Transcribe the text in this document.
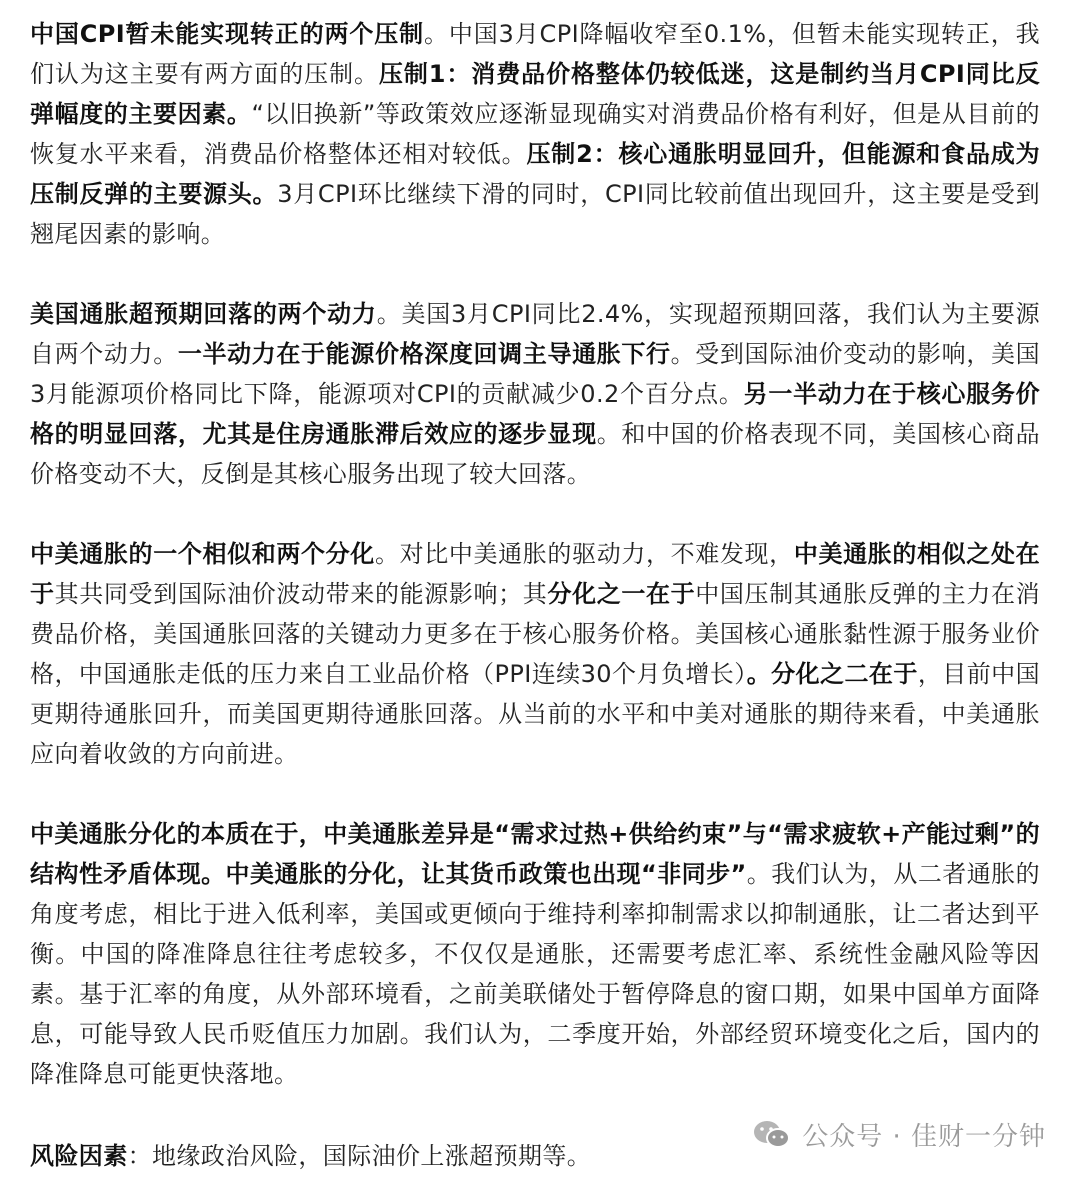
中国CPI暂未能实现转正的两个压制。中国3月CPI降幅收窄至0.1%，但暂未能实现转正，我们认为这主要有两方面的压制。压制1：消费品价格整体仍较低迷，这是制约当月CPI同比反弹幅度的主要因素。“以旧换新”等政策效应逐渐显现确实对消费品价格有利好，但是从目前的恢复水平来看，消费品价格整体还相对较低。压制2：核心通胀明显回升，但能源和食品成为压制反弹的主要源头。3月CPI环比继续下滑的同时，CPI同比较前值出现回升，这主要是受到翘尾因素的影响。

美国通胀超预期回落的两个动力。美国3月CPI同比2.4%，实现超预期回落，我们认为主要源自两个动力。一半动力在于能源价格深度回调主导通胀下行。受到国际油价变动的影响，美国3月能源项价格同比下降，能源项对CPI的贡献减少0.2个百分点。另一半动力在于核心服务价格的明显回落，尤其是住房通胀滞后效应的逐步显现。和中国的价格表现不同，美国核心商品价格变动不大，反倒是其核心服务出现了较大回落。

中美通胀的一个相似和两个分化。对比中美通胀的驱动力，不难发现，中美通胀的相似之处在于其共同受到国际油价波动带来的能源影响；其分化之一在于中国压制其通胀反弹的主力在消费品价格，美国通胀回落的关键动力更多在于核心服务价格。美国核心通胀黏性源于服务业价格，中国通胀走低的压力来自工业品价格（PPI连续30个月负增长）。分化之二在于，目前中国更期待通胀回升，而美国更期待通胀回落。从当前的水平和中美对通胀的期待来看，中美通胀应向着收敛的方向前进。

中美通胀分化的本质在于，中美通胀差异是“需求过热+供给约束”与“需求疲软+产能过剩”的结构性矛盾体现。中美通胀的分化，让其货币政策也出现“非同步”。我们认为，从二者通胀的角度考虑，相比于进入低利率，美国或更倾向于维持利率抑制需求以抑制通胀，让二者达到平衡。中国的降准降息往往考虑较多，不仅仅是通胀，还需要考虑汇率、系统性金融风险等因素。基于汇率的角度，从外部环境看，之前美联储处于暂停降息的窗口期，如果中国单方面降息，可能导致人民币贬值压力加剧。我们认为，二季度开始，外部经贸环境变化之后，国内的降准降息可能更快落地。

公众号 · 佳财一分钟
风险因素：地缘政治风险，国际油价上涨超预期等。
